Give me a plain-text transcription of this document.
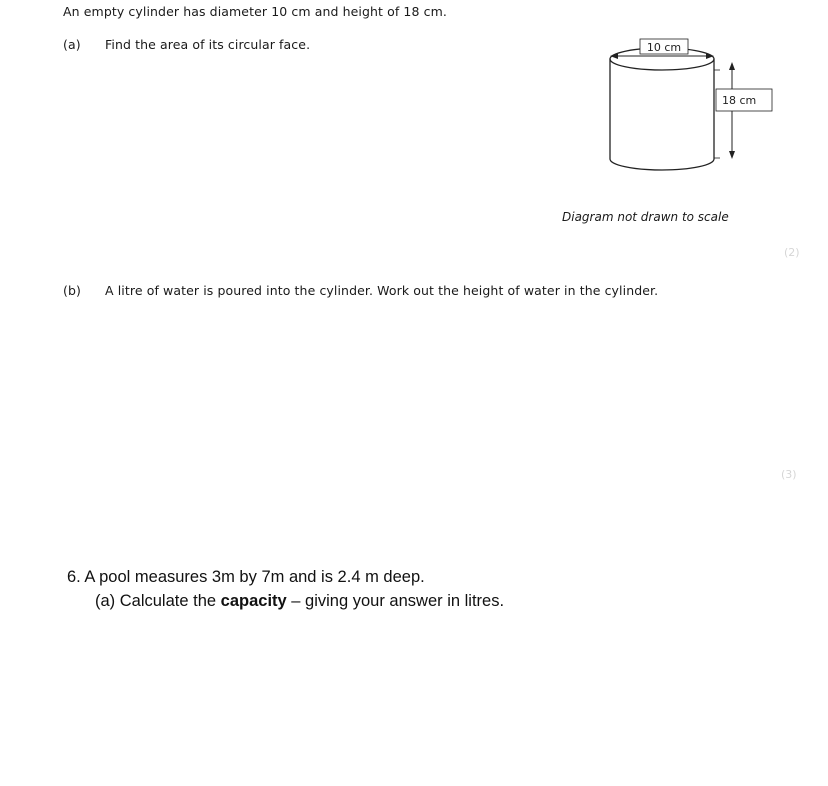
An empty cylinder has diameter 10 cm and height of 18 cm.
(a) Find the area of its circular face.	10 cm
18 cm
Diagram not drawn to scale
(2)
(b) A litre of water is poured into the cylinder. Work out the height of water in the cylinder.
(3)
6. A pool measures 3m by 7m and is 2.4 m deep.
(a) Calculate the capacity – giving your answer in litres.
